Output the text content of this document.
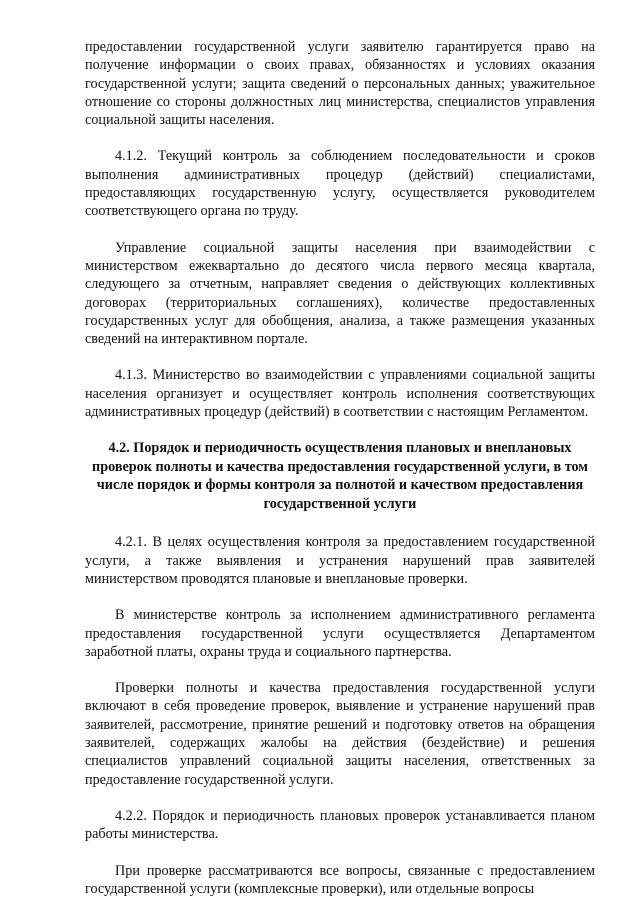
предоставлении государственной услуги заявителю гарантируется право на получение информации о своих правах, обязанностях и условиях оказания государственной услуги; защита сведений о персональных данных; уважительное отношение со стороны должностных лиц министерства, специалистов управления социальной защиты населения.

4.1.2. Текущий контроль за соблюдением последовательности и сроков выполнения административных процедур (действий) специалистами, предоставляющих государственную услугу, осуществляется руководителем соответствующего органа по труду.

Управление социальной защиты населения при взаимодействии с министерством ежеквартально до десятого числа первого месяца квартала, следующего за отчетным, направляет сведения о действующих коллективных договорах (территориальных соглашениях), количестве предоставленных государственных услуг для обобщения, анализа, а также размещения указанных сведений на интерактивном портале.

4.1.3. Министерство во взаимодействии с управлениями социальной защиты населения организует и осуществляет контроль исполнения соответствующих административных процедур (действий) в соответствии с настоящим Регламентом.

4.2. Порядок и периодичность осуществления плановых и внеплановых проверок полноты и качества предоставления государственной услуги, в том числе порядок и формы контроля за полнотой и качеством предоставления государственной услуги

4.2.1. В целях осуществления контроля за предоставлением государственной услуги, а также выявления и устранения нарушений прав заявителей министерством проводятся плановые и внеплановые проверки.

В министерстве контроль за исполнением административного регламента предоставления государственной услуги осуществляется Департаментом заработной платы, охраны труда и социального партнерства.

Проверки полноты и качества предоставления государственной услуги включают в себя проведение проверок, выявление и устранение нарушений прав заявителей, рассмотрение, принятие решений и подготовку ответов на обращения заявителей, содержащих жалобы на действия (бездействие) и решения специалистов управлений социальной защиты населения, ответственных за предоставление государственной услуги.

4.2.2. Порядок и периодичность плановых проверок устанавливается планом работы министерства.

При проверке рассматриваются все вопросы, связанные с предоставлением государственной услуги (комплексные проверки), или отдельные вопросы
